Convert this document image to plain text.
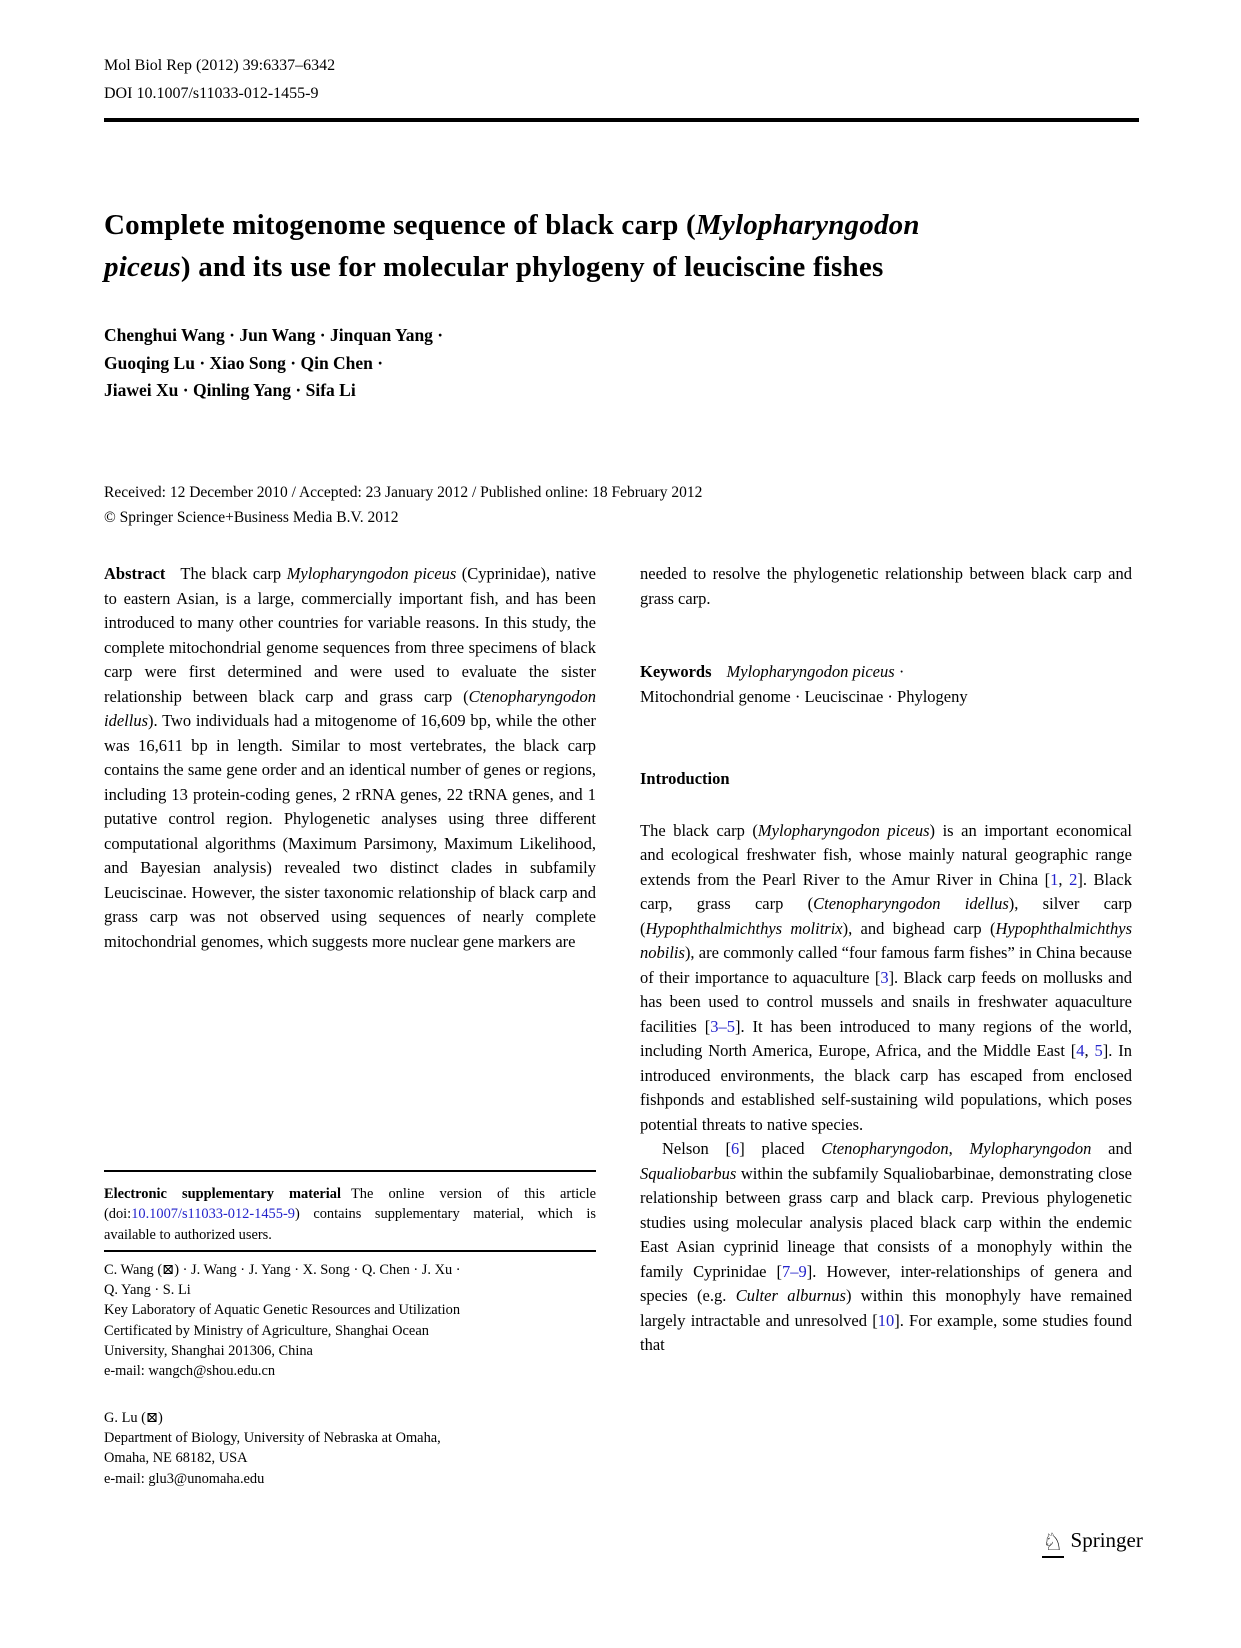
Mol Biol Rep (2012) 39:6337–6342
DOI 10.1007/s11033-012-1455-9
Complete mitogenome sequence of black carp (Mylopharyngodon
piceus) and its use for molecular phylogeny of leuciscine fishes
Chenghui Wang · Jun Wang · Jinquan Yang ·
Guoqing Lu · Xiao Song · Qin Chen ·
Jiawei Xu · Qinling Yang · Sifa Li
Received: 12 December 2010 / Accepted: 23 January 2012 / Published online: 18 February 2012
© Springer Science+Business Media B.V. 2012

Abstract The black carp Mylopharyngodon piceus (Cyprinidae), native to eastern Asian, is a large, commercially important fish, and has been introduced to many other countries for variable reasons. In this study, the complete mitochondrial genome sequences from three specimens of black carp were first determined and were used to evaluate the sister relationship between black carp and grass carp (Ctenopharyngodon idellus). Two individuals had a mitogenome of 16,609 bp, while the other was 16,611 bp in length. Similar to most vertebrates, the black carp contains the same gene order and an identical number of genes or regions, including 13 protein-coding genes, 2 rRNA genes, 22 tRNA genes, and 1 putative control region. Phylogenetic analyses using three different computational algorithms (Maximum Parsimony, Maximum Likelihood, and Bayesian analysis) revealed two distinct clades in subfamily Leuciscinae. However, the sister taxonomic relationship of black carp and grass carp was not observed using sequences of nearly complete mitochondrial genomes, which suggests more nuclear gene markers are

needed to resolve the phylogenetic relationship between black carp and grass carp.

Keywords Mylopharyngodon piceus ·
Mitochondrial genome · Leuciscinae · Phylogeny
Introduction

The black carp (Mylopharyngodon piceus) is an important economical and ecological freshwater fish, whose mainly natural geographic range extends from the Pearl River to the Amur River in China [1, 2]. Black carp, grass carp (Ctenopharyngodon idellus), silver carp (Hypophthalmichthys molitrix), and bighead carp (Hypophthalmichthys nobilis), are commonly called “four famous farm fishes” in China because of their importance to aquaculture [3]. Black carp feeds on mollusks and has been used to control mussels and snails in freshwater aquaculture facilities [3–5]. It has been introduced to many regions of the world, including North America, Europe, Africa, and the Middle East [4, 5]. In introduced environments, the black carp has escaped from enclosed fishponds and established self-sustaining wild populations, which poses potential threats to native species.

Nelson [6] placed Ctenopharyngodon, Mylopharyngodon and Squaliobarbus within the subfamily Squaliobarbinae, demonstrating close relationship between grass carp and black carp. Previous phylogenetic studies using molecular analysis placed black carp within the endemic East Asian cyprinid lineage that consists of a monophyly within the family Cyprinidae [7–9]. However, inter-relationships of genera and species (e.g. Culter alburnus) within this monophyly have remained largely intractable and unresolved [10]. For example, some studies found that

Electronic supplementary material The online version of this article (doi:10.1007/s11033-012-1455-9) contains supplementary material, which is available to authorized users.

C. Wang (⊠) · J. Wang · J. Yang · X. Song · Q. Chen · J. Xu ·
Q. Yang · S. Li
Key Laboratory of Aquatic Genetic Resources and Utilization
Certificated by Ministry of Agriculture, Shanghai Ocean
University, Shanghai 201306, China
e-mail: wangch@shou.edu.cn
G. Lu (⊠)
Department of Biology, University of Nebraska at Omaha,
Omaha, NE 68182, USA
e-mail: glu3@unomaha.edu
♘ Springer
